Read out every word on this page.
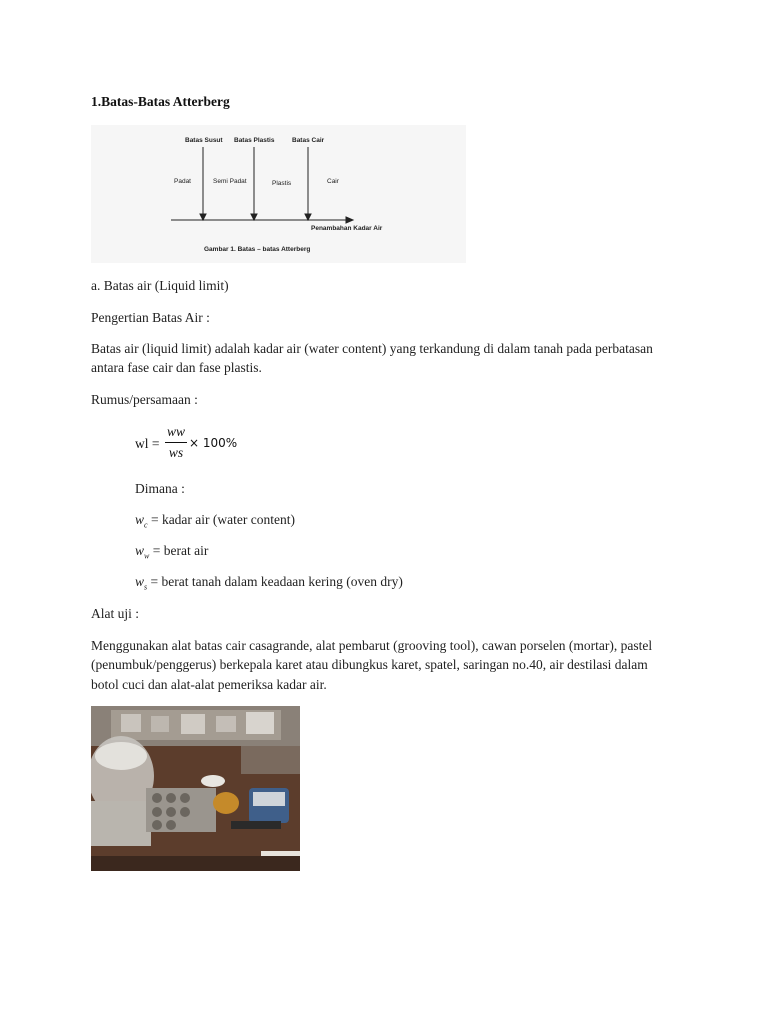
1.Batas-Batas Atterberg
Batas Susut Batas Plastis	Batas Cair
Padat	Semi Padat	Plastis	Cair
Penambahan Kadar Air
Gambar 1. Batas – batas Atterberg
a. Batas air (Liquid limit)
Pengertian Batas Air :
Batas air (liquid limit) adalah kadar air (water content) yang terkandung di dalam tanah pada perbatasan
antara fase cair dan fase plastis.
Rumus/persamaan :
wl =
ww
ws
× 100%
Dimana :
$w_c$ = kadar air (water content)
$w_w$ = berat air
$w_s$ = berat tanah dalam keadaan kering (oven dry)
Alat uji :
Menggunakan alat batas cair casagrande, alat pembarut (grooving tool), cawan porselen (mortar), pastel
(penumbuk/penggerus) berkepala karet atau dibungkus karet, spatel, saringan no.40, air destilasi dalam
botol cuci dan alat-alat pemeriksa kadar air.
